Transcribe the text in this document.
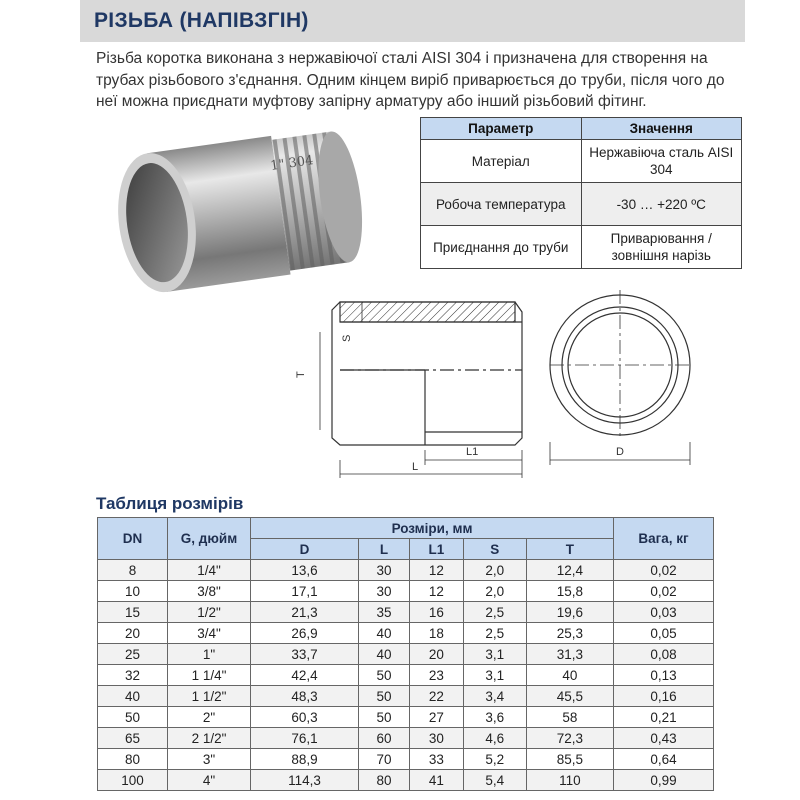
РІЗЬБА (НАПІВЗГІН)

Різьба коротка виконана з нержавіючої сталі AISI 304 і призначена для створення на трубах різьбового з'єднання. Одним кінцем виріб приварюється до труби, після чого до неї можна приєднати муфтову запірну арматуру або інший різьбовий фітинг.

1" 304
Параметр	Значення
Матеріал	Нержавіюча сталь AISI 304
Робоча температура	-30 … +220 ºС
Приєднання до труби	Приварювання / зовнішня нарізь
S
T
L1
L
D
Таблиця розмірів
DN	G, дюйм	Розміри, мм					Вага, кг
		D	L	L1	S	T	
8	1/4"	13,6	30	12	2,0	12,4	0,02
10	3/8"	17,1	30	12	2,0	15,8	0,02
15	1/2"	21,3	35	16	2,5	19,6	0,03
20	3/4"	26,9	40	18	2,5	25,3	0,05
25	1"	33,7	40	20	3,1	31,3	0,08
32	1 1/4"	42,4	50	23	3,1	40	0,13
40	1 1/2"	48,3	50	22	3,4	45,5	0,16
50	2"	60,3	50	27	3,6	58	0,21
65	2 1/2"	76,1	60	30	4,6	72,3	0,43
80	3"	88,9	70	33	5,2	85,5	0,64
100	4"	114,3	80	41	5,4	110	0,99
